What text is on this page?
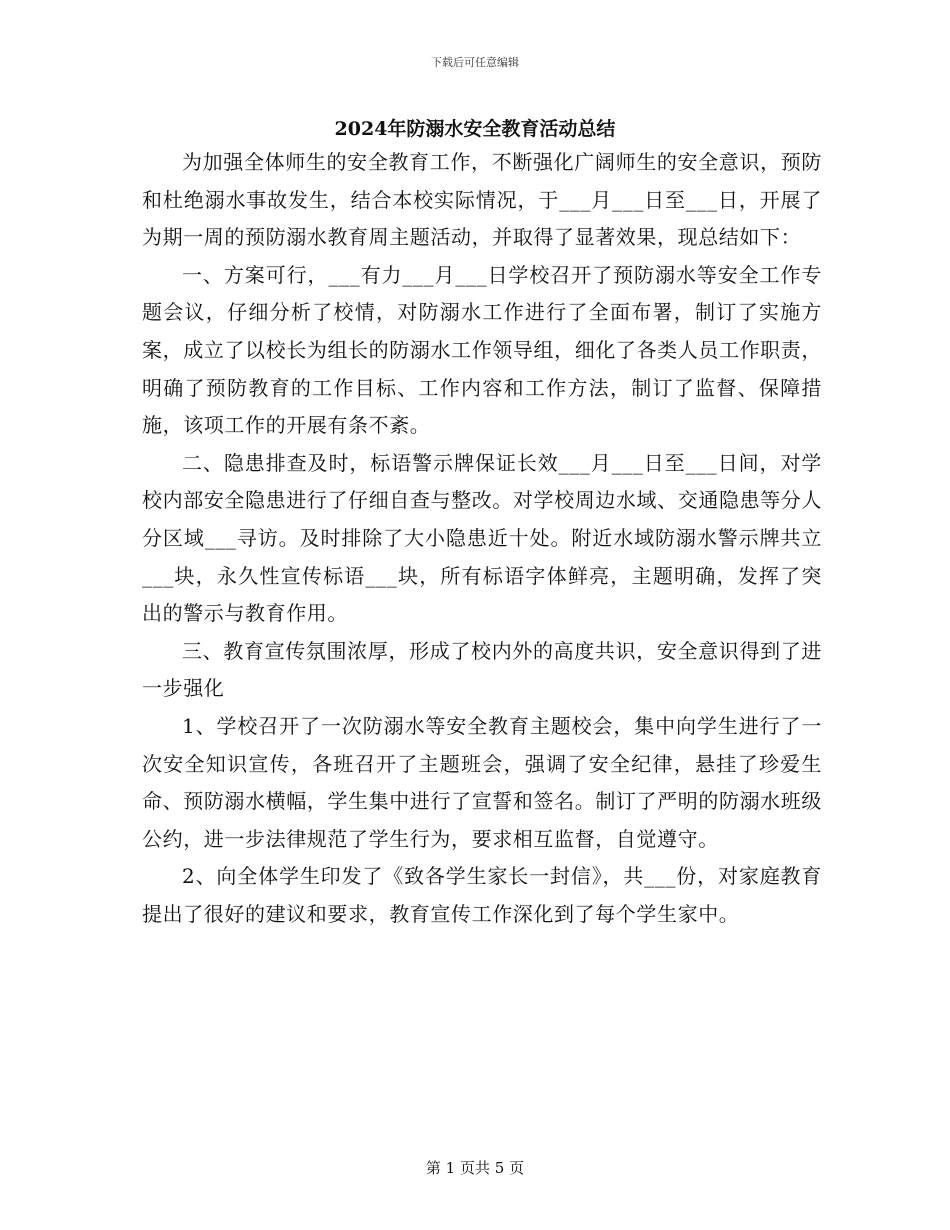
下载后可任意编辑
2024年防溺水安全教育活动总结

为加强全体师生的安全教育工作，不断强化广阔师生的安全意识，预防和杜绝溺水事故发生，结合本校实际情况，于___月___日至___日，开展了为期一周的预防溺水教育周主题活动，并取得了显著效果，现总结如下：

一、方案可行，___有力___月___日学校召开了预防溺水等安全工作专题会议，仔细分析了校情，对防溺水工作进行了全面布署，制订了实施方案，成立了以校长为组长的防溺水工作领导组，细化了各类人员工作职责，明确了预防教育的工作目标、工作内容和工作方法，制订了监督、保障措施，该项工作的开展有条不紊。

二、隐患排查及时，标语警示牌保证长效___月___日至___日间，对学校内部安全隐患进行了仔细自查与整改。对学校周边水域、交通隐患等分人分区域___寻访。及时排除了大小隐患近十处。附近水域防溺水警示牌共立___块，永久性宣传标语___块，所有标语字体鲜亮，主题明确，发挥了突出的警示与教育作用。

三、教育宣传氛围浓厚，形成了校内外的高度共识，安全意识得到了进一步强化

1、学校召开了一次防溺水等安全教育主题校会，集中向学生进行了一次安全知识宣传，各班召开了主题班会，强调了安全纪律，悬挂了珍爱生命、预防溺水横幅，学生集中进行了宣誓和签名。制订了严明的防溺水班级公约，进一步法律规范了学生行为，要求相互监督，自觉遵守。

2、向全体学生印发了《致各学生家长一封信》，共___份，对家庭教育提出了很好的建议和要求，教育宣传工作深化到了每个学生家中。

第 1 页共 5 页
